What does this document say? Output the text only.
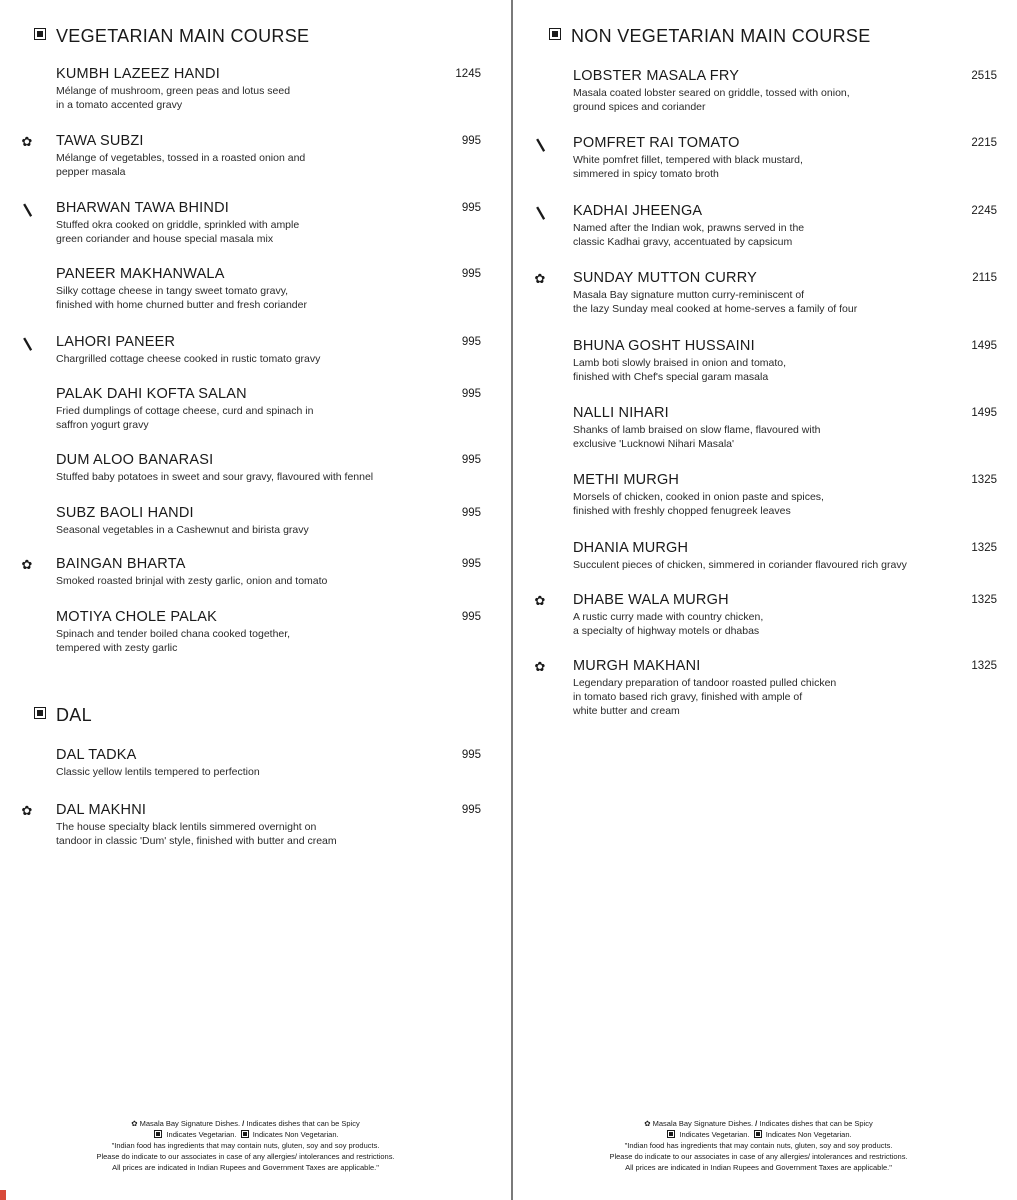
VEGETARIAN MAIN COURSE
KUMBH LAZEEZ HANDI
Mélange of mushroom, green peas and lotus seed
in a tomato accented gravy
1245
TAWA SUBZI
Mélange of vegetables, tossed in a roasted onion and
pepper masala
995
✿
BHARWAN TAWA BHINDI
Stuffed okra cooked on griddle, sprinkled with ample
green coriander and house special masala mix
995
❙
PANEER MAKHANWALA
Silky cottage cheese in tangy sweet tomato gravy,
finished with home churned butter and fresh coriander
995
LAHORI PANEER
Chargrilled cottage cheese cooked in rustic tomato gravy
995
❙
PALAK DAHI KOFTA SALAN
Fried dumplings of cottage cheese, curd and spinach in
saffron yogurt gravy
995
DUM ALOO BANARASI
Stuffed baby potatoes in sweet and sour gravy, flavoured with fennel
995
SUBZ BAOLI HANDI
Seasonal vegetables in a Cashewnut and birista gravy
995
BAINGAN BHARTA
Smoked roasted brinjal with zesty garlic, onion and tomato
995
✿
MOTIYA CHOLE PALAK
Spinach and tender boiled chana cooked together,
tempered with zesty garlic
995
DAL
DAL TADKA
Classic yellow lentils tempered to perfection
995
DAL MAKHNI
The house specialty black lentils simmered overnight on
tandoor in classic 'Dum' style, finished with butter and cream
995
✿
✿ Masala Bay Signature Dishes. / Indicates dishes that can be Spicy
Indicates Vegetarian. Indicates Non Vegetarian.
"Indian food has ingredients that may contain nuts, gluten, soy and soy products.
Please do indicate to our associates in case of any allergies/ intolerances and restrictions.
All prices are indicated in Indian Rupees and Government Taxes are applicable."
NON VEGETARIAN MAIN COURSE
LOBSTER MASALA FRY
Masala coated lobster seared on griddle, tossed with onion,
ground spices and coriander
2515
POMFRET RAI TOMATO
White pomfret fillet, tempered with black mustard,
simmered in spicy tomato broth
2215
❙
KADHAI JHEENGA
Named after the Indian wok, prawns served in the
classic Kadhai gravy, accentuated by capsicum
2245
❙
SUNDAY MUTTON CURRY
Masala Bay signature mutton curry-reminiscent of
the lazy Sunday meal cooked at home-serves a family of four
2115
✿
BHUNA GOSHT HUSSAINI
Lamb boti slowly braised in onion and tomato,
finished with Chef's special garam masala
1495
NALLI NIHARI
Shanks of lamb braised on slow flame, flavoured with
exclusive 'Lucknowi Nihari Masala'
1495
METHI MURGH
Morsels of chicken, cooked in onion paste and spices,
finished with freshly chopped fenugreek leaves
1325
DHANIA MURGH
Succulent pieces of chicken, simmered in coriander flavoured rich gravy
1325
DHABE WALA MURGH
A rustic curry made with country chicken,
a specialty of highway motels or dhabas
1325
✿
MURGH MAKHANI
Legendary preparation of tandoor roasted pulled chicken
in tomato based rich gravy, finished with ample of
white butter and cream
1325
✿
✿ Masala Bay Signature Dishes. / Indicates dishes that can be Spicy
Indicates Vegetarian. Indicates Non Vegetarian.
"Indian food has ingredients that may contain nuts, gluten, soy and soy products.
Please do indicate to our associates in case of any allergies/ intolerances and restrictions.
All prices are indicated in Indian Rupees and Government Taxes are applicable."
